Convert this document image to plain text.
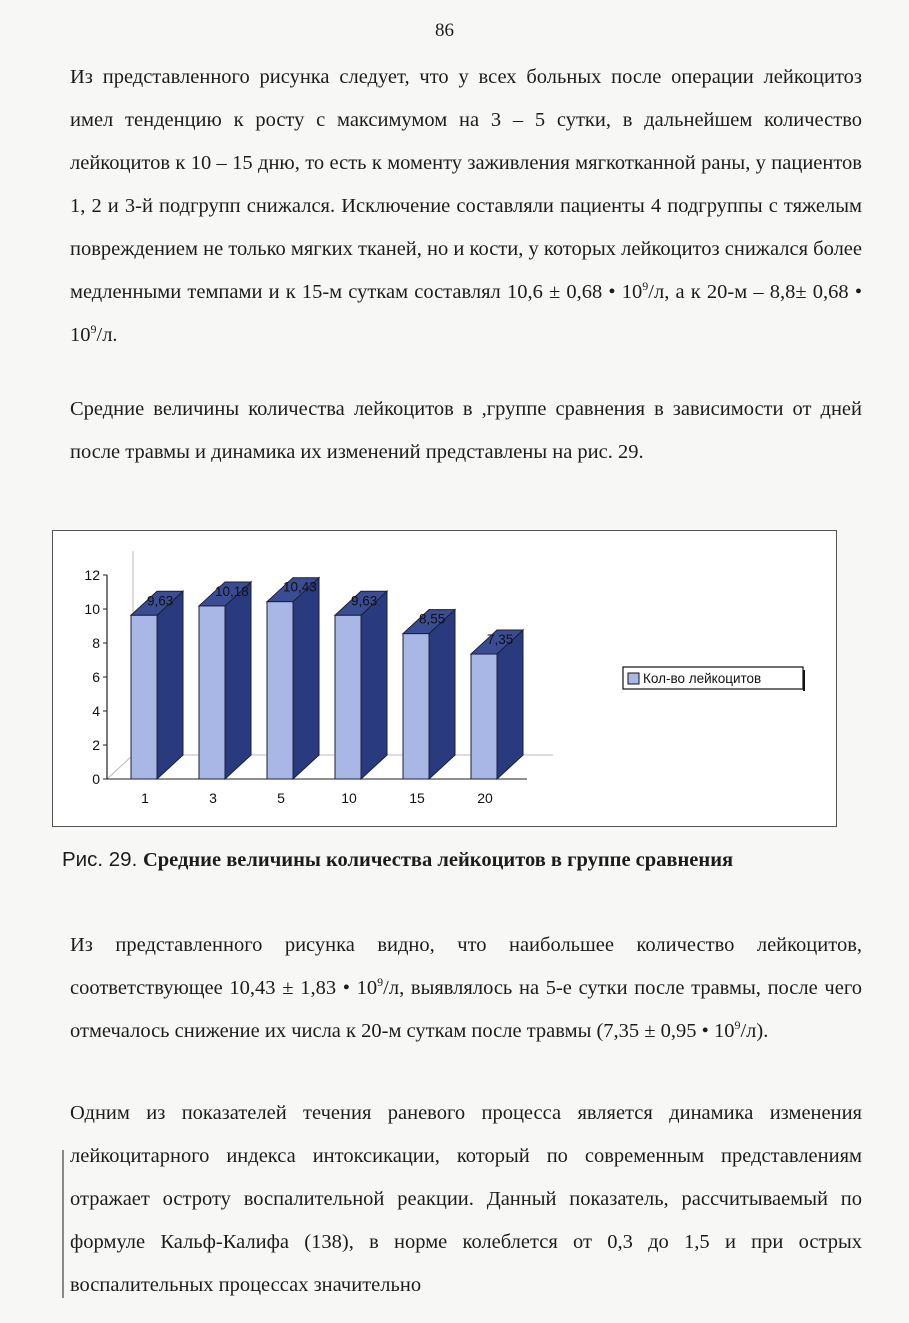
86
Из представленного рисунка следует, что у всех больных после операции лейкоцитоз имел тенденцию к росту с максимумом на 3 – 5 сутки, в дальнейшем количество лейкоцитов к 10 – 15 дню, то есть к моменту заживления мягкотканной раны, у пациентов 1, 2 и 3-й подгрупп снижался. Исключение составляли пациенты 4 подгруппы с тяжелым повреждением не только мягких тканей, но и кости, у которых лейкоцитоз снижался более медленными темпами и к 15-м суткам составлял 10,6 ± 0,68 • $10^9/л$, а к 20-м – 8,8± 0,68 • $10^9/л$.
Средние величины количества лейкоцитов в ,группе сравнения в зависимости от дней после травмы и динамика их изменений представлены на рис. 29.
0
2
4
6
8
10
12
9,63
1
10,18
3
10,43
5
9,63
10
8,55
15
7,35
20
Кол-во лейкоцитов
Рис. 29. Средние величины количества лейкоцитов в группе сравнения
Из представленного рисунка видно, что наибольшее количество лейкоцитов, соответствующее 10,43 ± 1,83 • $10^9/л$, выявлялось на 5-е сутки после травмы, после чего отмечалось снижение их числа к 20-м суткам после травмы (7,35 ± 0,95 • $10^9/л$).
Одним из показателей течения раневого процесса является динамика изменения лейкоцитарного индекса интоксикации, который по современным представлениям отражает остроту воспалительной реакции. Данный показатель, рассчитываемый по формуле Кальф-Калифа (138), в норме колеблется от 0,3 до 1,5 и при острых воспалительных процессах значительно
